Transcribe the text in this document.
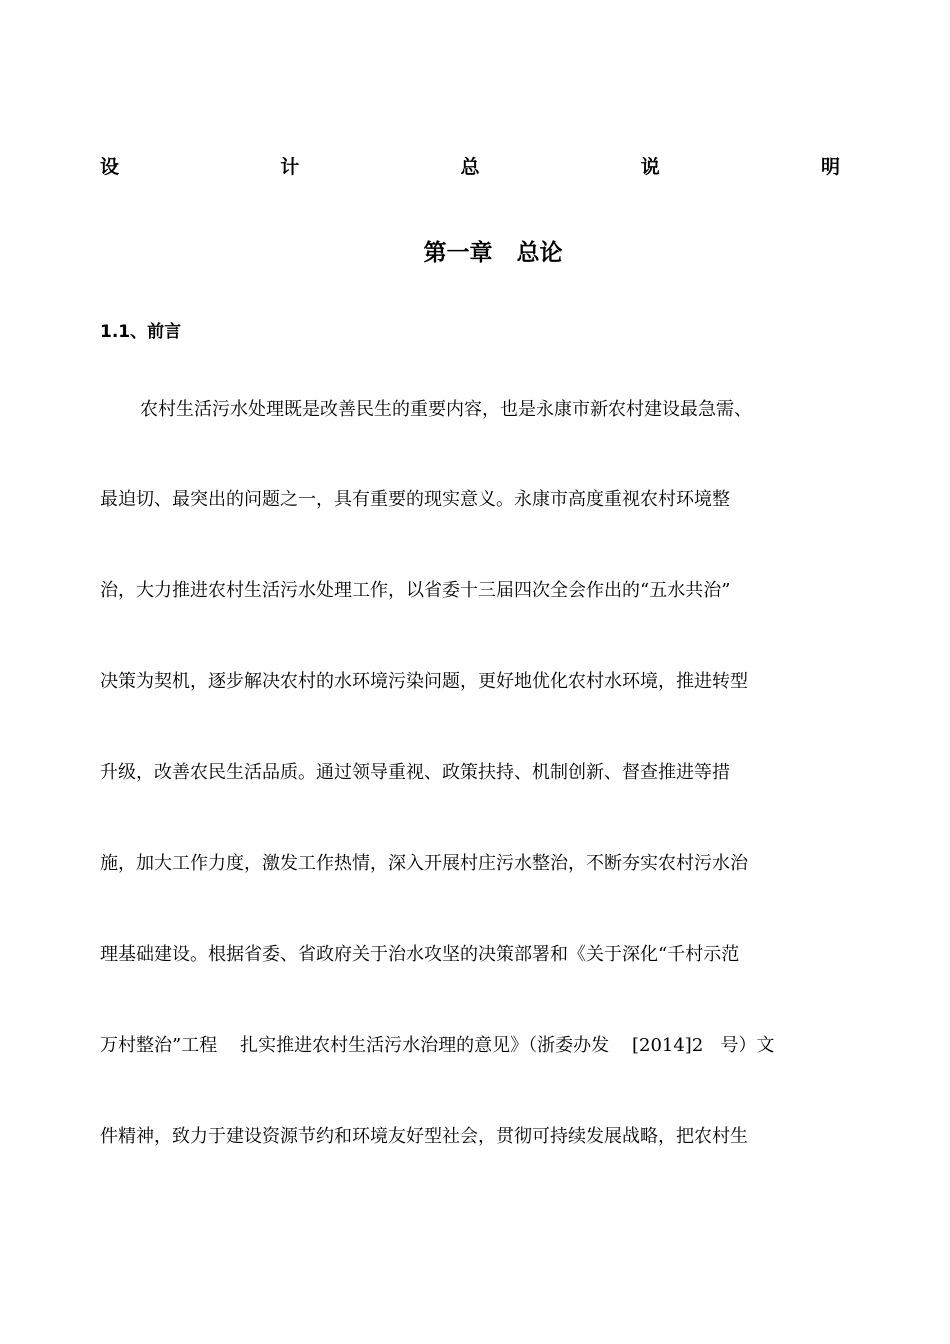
设	计	总	说	明
第一章   总论
1.1、前言
农村生活污水处理既是改善民生的重要内容，也是永康市新农村建设最急需、
最迫切、最突出的问题之一，具有重要的现实意义。永康市高度重视农村环境整
治，大力推进农村生活污水处理工作，以省委十三届四次全会作出的“五水共治”
决策为契机，逐步解决农村的水环境污染问题，更好地优化农村水环境，推进转型
升级，改善农民生活品质。通过领导重视、政策扶持、机制创新、督查推进等措
施，加大工作力度，激发工作热情，深入开展村庄污水整治，不断夯实农村污水治
理基础建设。根据省委、省政府关于治水攻坚的决策部署和《关于深化“千村示范
万村整治”工程    扎实推进农村生活污水治理的意见》（浙委办发    [2014]2   号）文
件精神，致力于建设资源节约和环境友好型社会，贯彻可持续发展战略，把农村生
